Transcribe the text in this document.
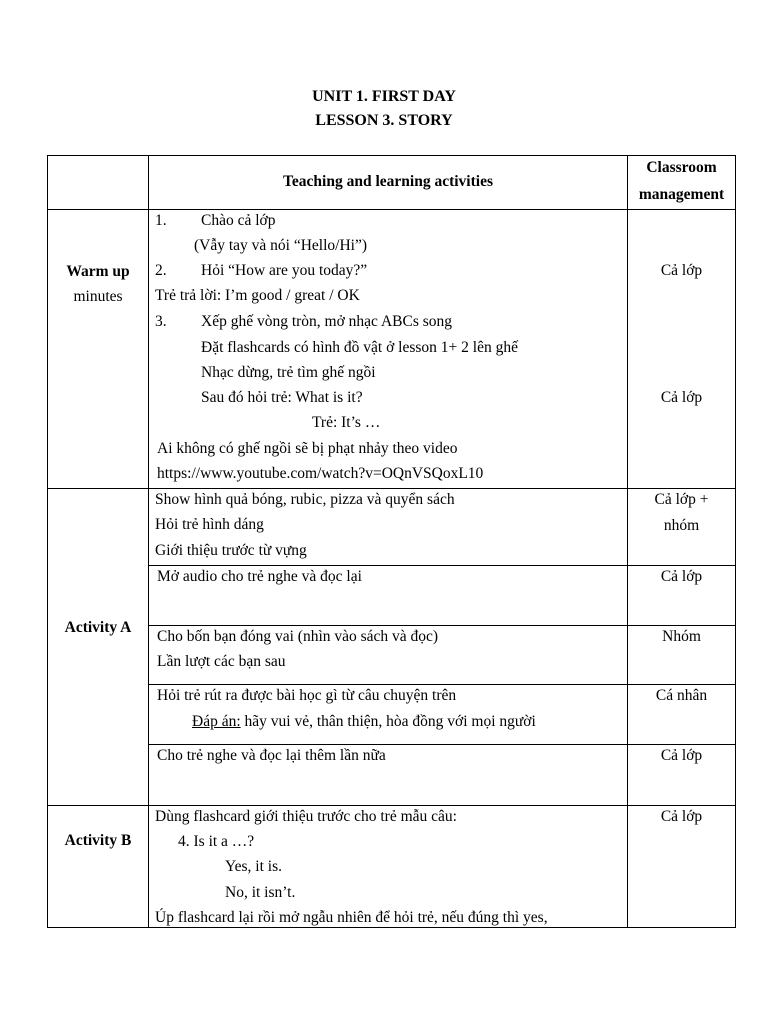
UNIT 1. FIRST DAY
LESSON 3. STORY
Teaching and learning activities
Classroom
management
Warm up
minutes
1. Chào cả lớp
(Vẫy tay và nói “Hello/Hi”)
2. Hỏi “How are you today?”
Trẻ trả lời: I’m good / great / OK
3. Xếp ghế vòng tròn, mở nhạc ABCs song
Đặt flashcards có hình đồ vật ở lesson 1+ 2 lên ghế
Nhạc dừng, trẻ tìm ghế ngồi
Sau đó hỏi trẻ: What is it?
Trẻ: It’s …
Ai không có ghế ngồi sẽ bị phạt nhảy theo video
https://www.youtube.com/watch?v=OQnVSQoxL10
Cả lớp
Cả lớp
Activity A
Show hình quả bóng, rubic, pizza và quyển sách
Hỏi trẻ hình dáng
Giới thiệu trước từ vựng
Cả lớp +
nhóm
Mở audio cho trẻ nghe và đọc lại	Cả lớp
Cho bốn bạn đóng vai (nhìn vào sách và đọc)
Lần lượt các bạn sau
Nhóm
Hỏi trẻ rút ra được bài học gì từ câu chuyện trên
Đáp án: hãy vui vẻ, thân thiện, hòa đồng với mọi người
Cá nhân
Cho trẻ nghe và đọc lại thêm lần nữa	Cả lớp
Activity B
Dùng flashcard giới thiệu trước cho trẻ mẫu câu:
4. Is it a …?
Yes, it is.
No, it isn’t.
Úp flashcard lại rồi mở ngẫu nhiên để hỏi trẻ, nếu đúng thì yes,
Cả lớp
